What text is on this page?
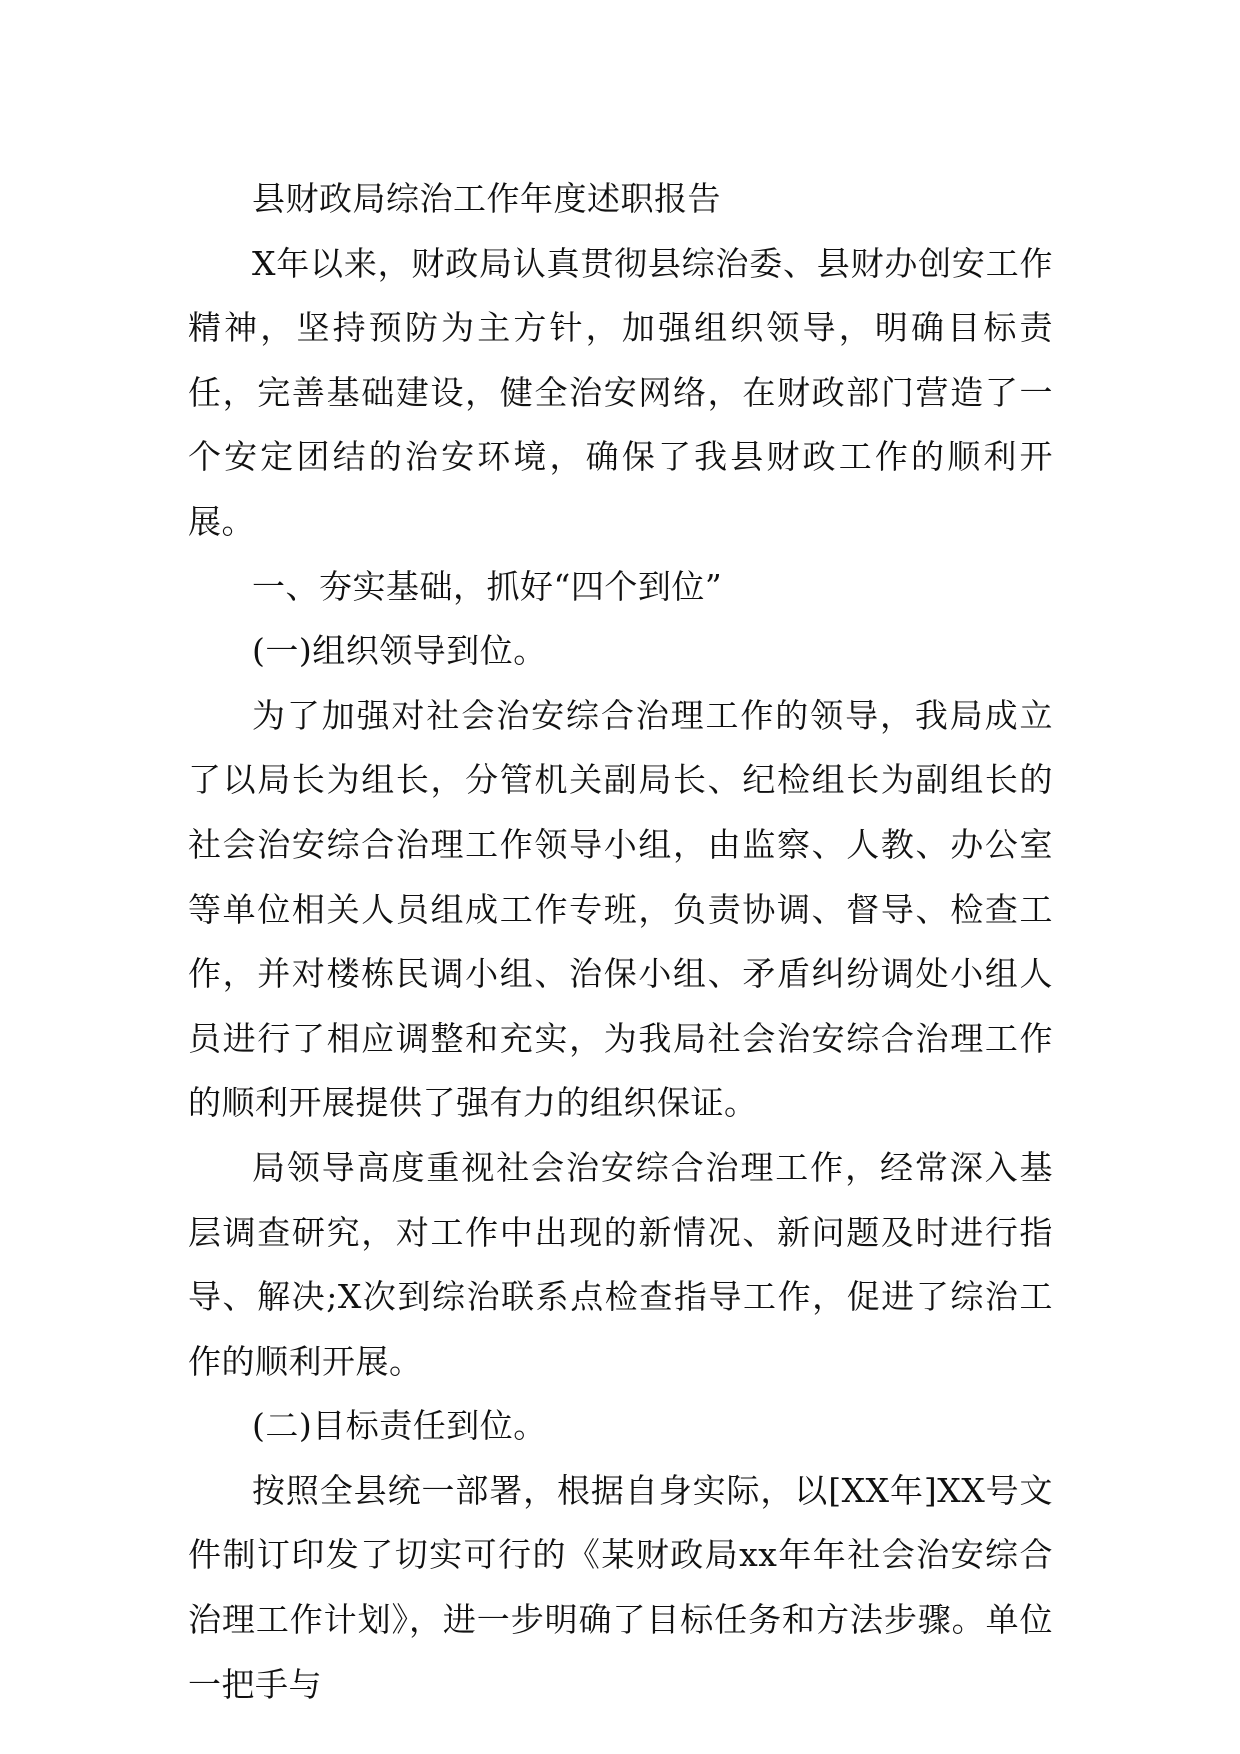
县财政局综治工作年度述职报告

X年以来，财政局认真贯彻县综治委、县财办创安工作精神，坚持预防为主方针，加强组织领导，明确目标责任，完善基础建设，健全治安网络，在财政部门营造了一个安定团结的治安环境，确保了我县财政工作的顺利开展。

一、夯实基础，抓好“四个到位”

(一)组织领导到位。

为了加强对社会治安综合治理工作的领导，我局成立了以局长为组长，分管机关副局长、纪检组长为副组长的社会治安综合治理工作领导小组，由监察、人教、办公室等单位相关人员组成工作专班，负责协调、督导、检查工作，并对楼栋民调小组、治保小组、矛盾纠纷调处小组人员进行了相应调整和充实，为我局社会治安综合治理工作的顺利开展提供了强有力的组织保证。

局领导高度重视社会治安综合治理工作，经常深入基层调查研究，对工作中出现的新情况、新问题及时进行指导、解决;X次到综治联系点检查指导工作，促进了综治工作的顺利开展。

(二)目标责任到位。

按照全县统一部署，根据自身实际，以[XX年]XX号文件制订印发了切实可行的《某财政局xx年年社会治安综合治理工作计划》，进一步明确了目标任务和方法步骤。单位一把手与
